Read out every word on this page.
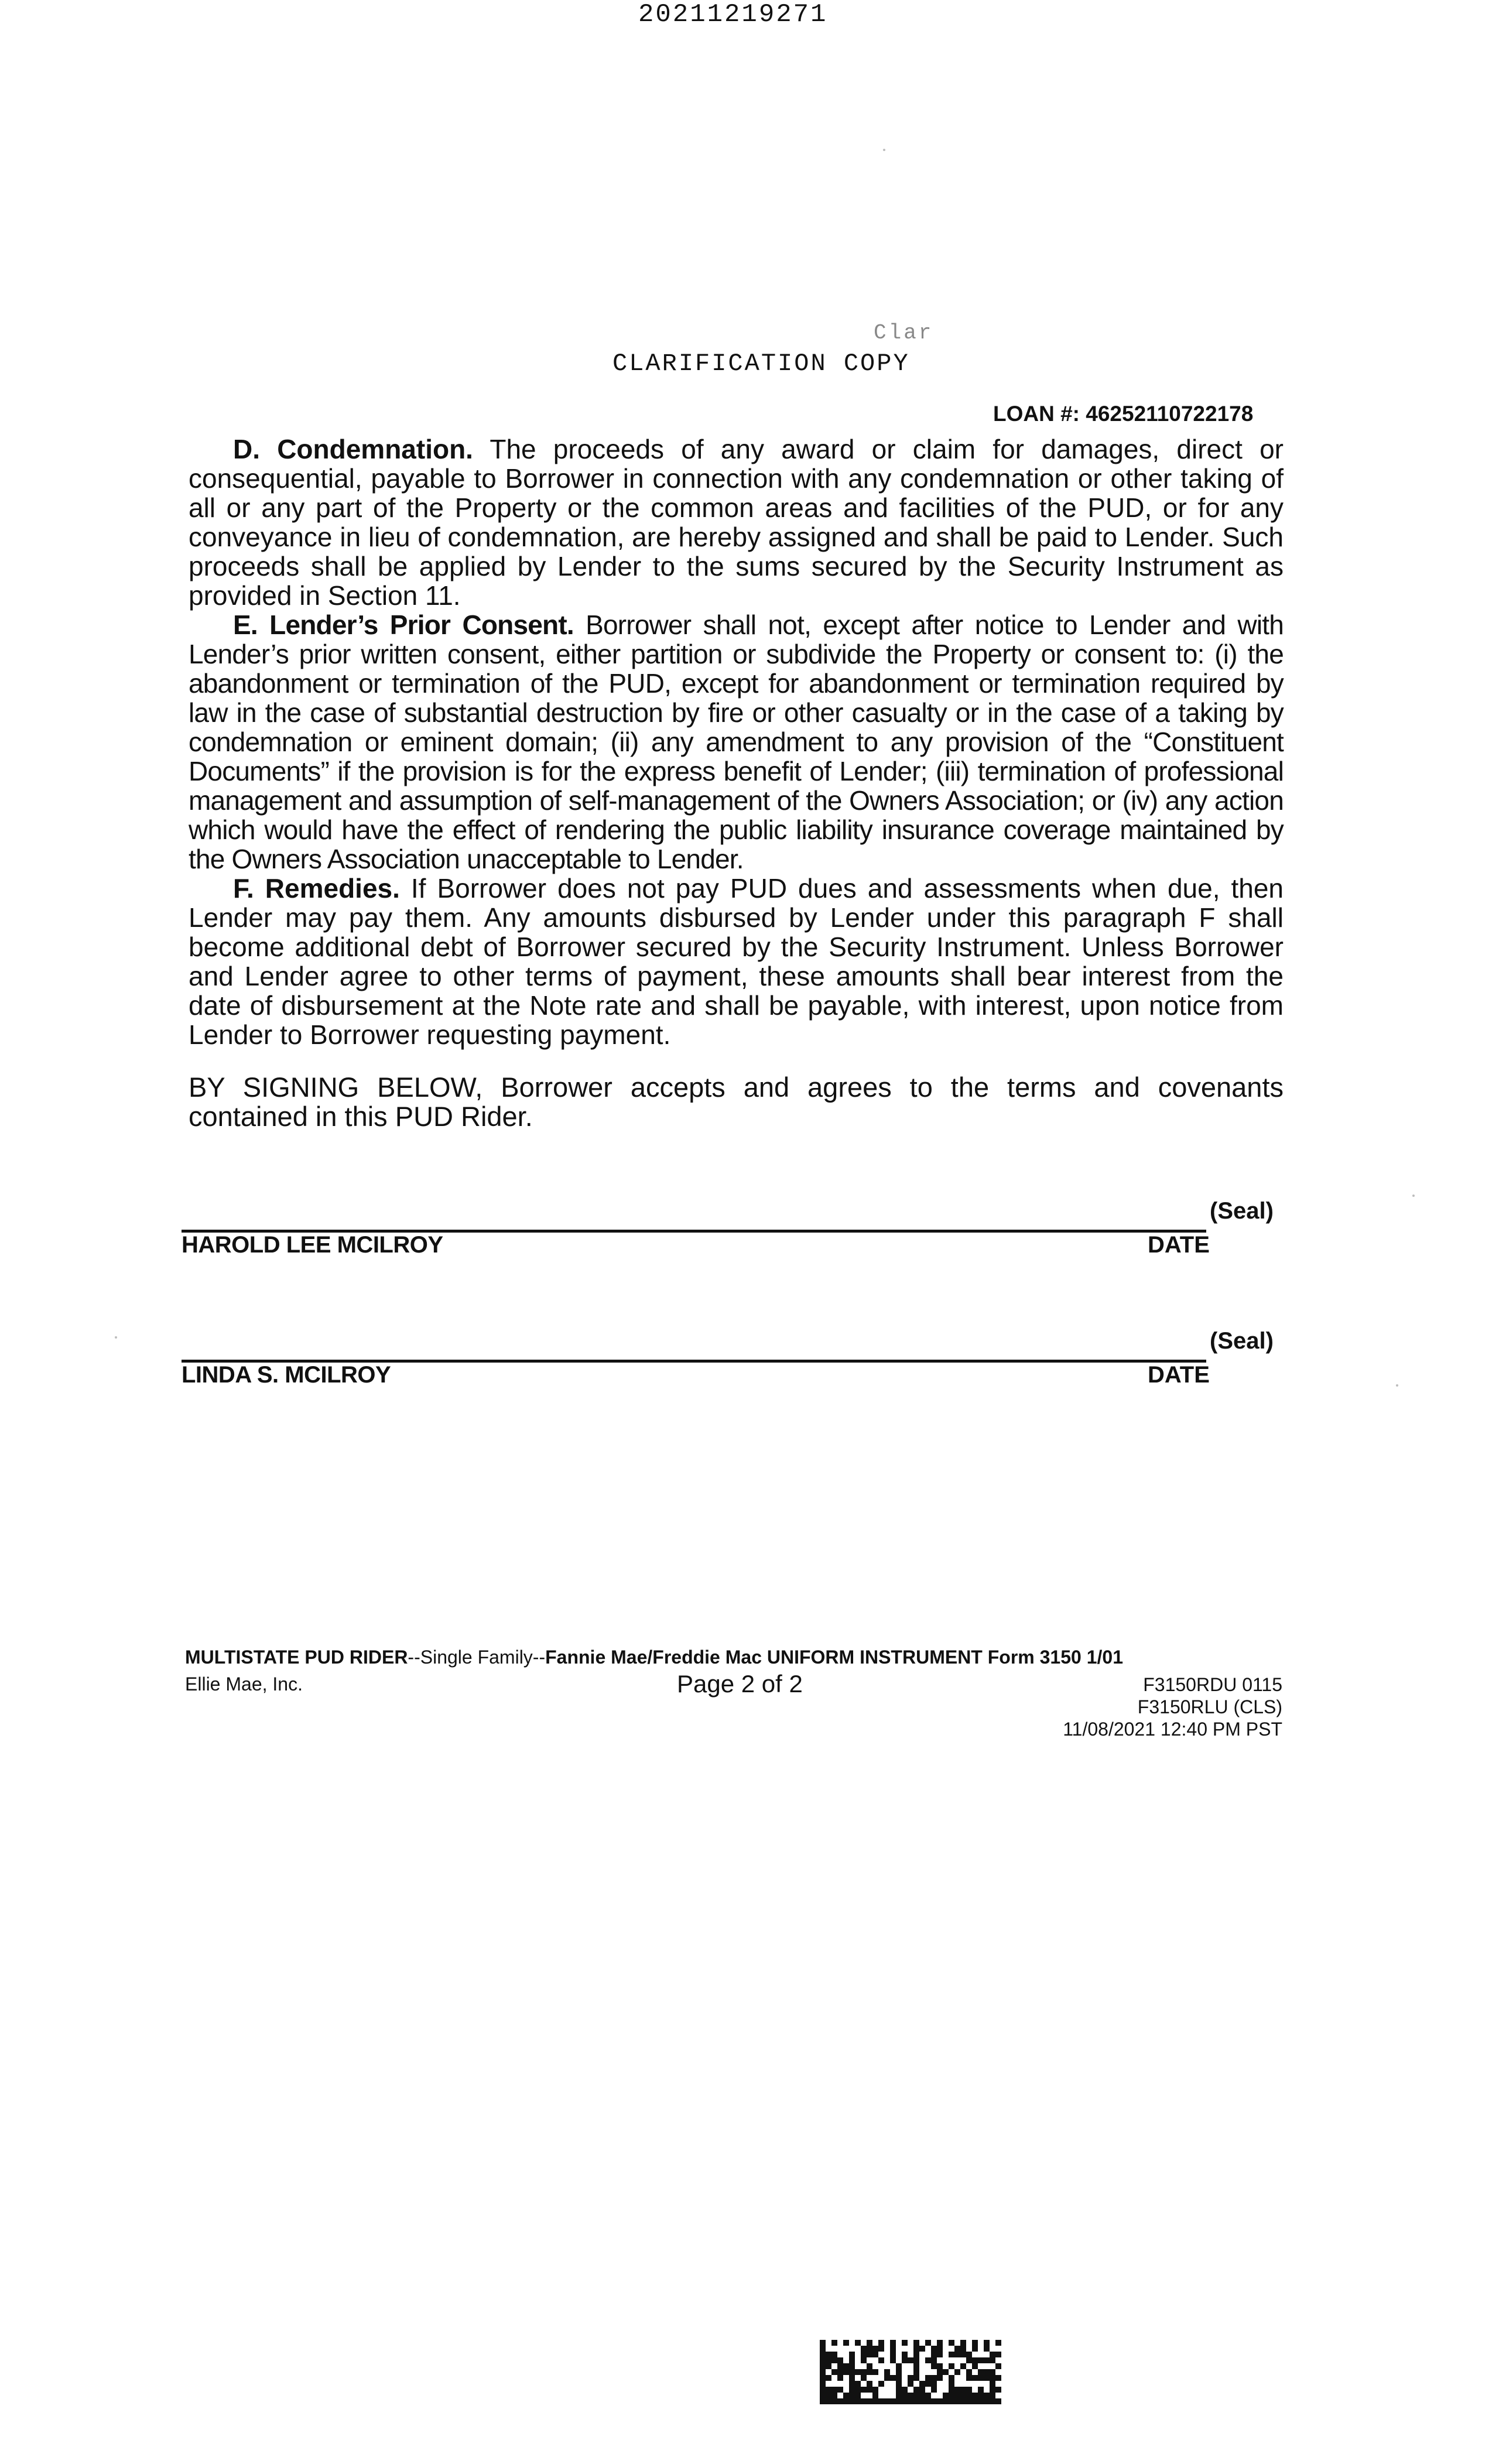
20211219271
Clar
CLARIFICATION COPY
LOAN #: 46252110722178

D. Condemnation. The proceeds of any award or claim for damages, direct or consequential, payable to Borrower in connection with any condemnation or other taking of all or any part of the Property or the common areas and facilities of the PUD, or for any conveyance in lieu of condemnation, are hereby assigned and shall be paid to Lender. Such proceeds shall be applied by Lender to the sums secured by the Security Instrument as provided in Section 11.

E. Lender’s Prior Consent. Borrower shall not, except after notice to Lender and with Lender’s prior written consent, either partition or subdivide the Property or consent to: (i) the abandonment or termination of the PUD, except for abandonment or termination required by law in the case of substantial destruction by fire or other casualty or in the case of a taking by condemnation or eminent domain; (ii) any amendment to any provision of the “Constituent Documents” if the provision is for the express benefit of Lender; (iii) termination of professional management and assumption of self-management of the Owners Association; or (iv) any action which would have the effect of rendering the public liability insurance coverage maintained by the Owners Association unacceptable to Lender.

F. Remedies. If Borrower does not pay PUD dues and assessments when due, then Lender may pay them. Any amounts disbursed by Lender under this paragraph F shall become additional debt of Borrower secured by the Security Instrument. Unless Borrower and Lender agree to other terms of payment, these amounts shall bear interest from the date of disbursement at the Note rate and shall be payable, with interest, upon notice from Lender to Borrower requesting payment.

BY SIGNING BELOW, Borrower accepts and agrees to the terms and covenants contained in this PUD Rider.
(Seal)
HAROLD LEE MCILROY	DATE
(Seal)
LINDA S. MCILROY	DATE
MULTISTATE PUD RIDER--Single Family--Fannie Mae/Freddie Mac UNIFORM INSTRUMENT Form 3150 1/01
Ellie Mae, Inc.	Page 2 of 2	F3150RDU 0115
F3150RLU (CLS)
11/08/2021 12:40 PM PST
